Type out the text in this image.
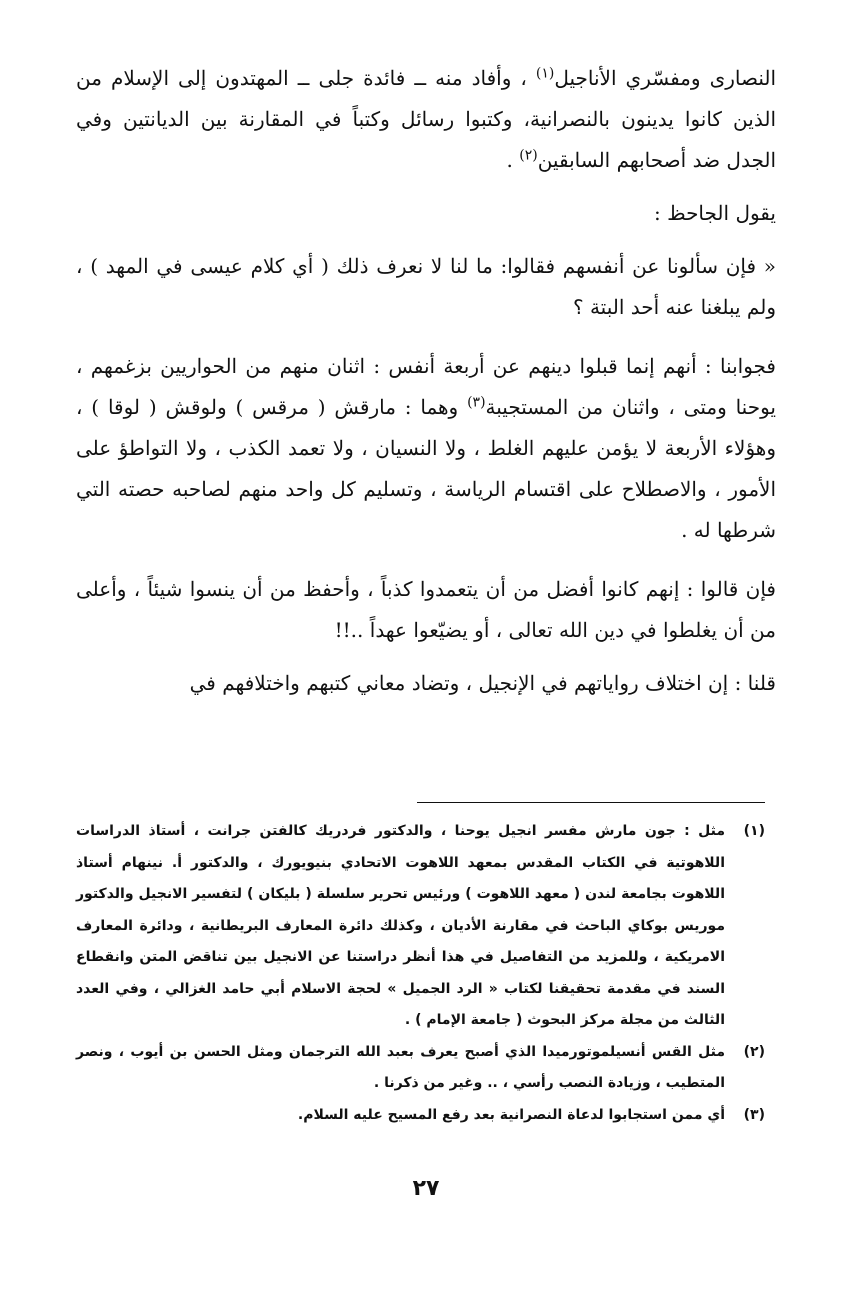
النصارى ومفسّري الأناجيل$^{(١)}$ ، وأفاد منه ــ فائدة جلى ــ المهتدون إلى الإسلام من الذين كانوا يدينون بالنصرانية، وكتبوا رسائل وكتباً في المقارنة بين الديانتين وفي الجدل ضد أصحابهم السابقين$^{(٢)}$ .

يقول الجاحظ :

« فإن سألونا عن أنفسهم فقالوا: ما لنا لا نعرف ذلك ( أي كلام عيسى في المهد ) ، ولم يبلغنا عنه أحد البتة ؟

فجوابنا : أنهم إنما قبلوا دينهم عن أربعة أنفس : اثنان منهم من الحواريين بزغمهم ، يوحنا ومتى ، واثنان من المستجيبة$^{(٣)}$ وهما : مارقش ( مرقس ) ولوقش ( لوقا ) ، وهؤلاء الأربعة لا يؤمن عليهم الغلط ، ولا النسيان ، ولا تعمد الكذب ، ولا التواطؤ على الأمور ، والاصطلاح على اقتسام الرياسة ، وتسليم كل واحد منهم لصاحبه حصته التي شرطها له .

فإن قالوا : إنهم كانوا أفضل من أن يتعمدوا كذباً ، وأحفظ من أن ينسوا شيئاً ، وأعلى من أن يغلطوا في دين الله تعالى ، أو يضيّعوا عهداً ..!!

قلنا : إن اختلاف رواياتهم في الإنجيل ، وتضاد معاني كتبهم واختلافهم في

(١)
مثل : جون مارش مفسر انجيل يوحنا ، والدكتور فردريك كالفتن جرانت ، أستاذ الدراسات اللاهوتية في الكتاب المقدس بمعهد اللاهوت الاتحادي بنيويورك ، والدكتور أ. نينهام أستاذ اللاهوت بجامعة لندن ( معهد اللاهوت ) ورئيس تحرير سلسلة ( بليكان ) لتفسير الانجيل والدكتور موريس بوكاي الباحث في مقارنة الأديان ، وكذلك دائرة المعارف البريطانية ، ودائرة المعارف الامريكية ، وللمزيد من التفاصيل في هذا أنظر دراستنا عن الانجيل بين تناقض المتن وانقطاع السند في مقدمة تحقيقنا لكتاب « الرد الجميل » لحجة الاسلام أبي حامد الغزالي ، وفي العدد الثالث من مجلة مركز البحوث ( جامعة الإمام ) .
(٢)
مثل القس أنسيلموتورميدا الذي أصبح يعرف بعبد الله الترجمان ومثل الحسن بن أيوب ، ونصر المتطيب ، وزيادة النصب رأسي ، .. وغير من ذكرنا .
(٣)
أي ممن استجابوا لدعاة النصرانية بعد رفع المسيح عليه السلام.
٢٧
